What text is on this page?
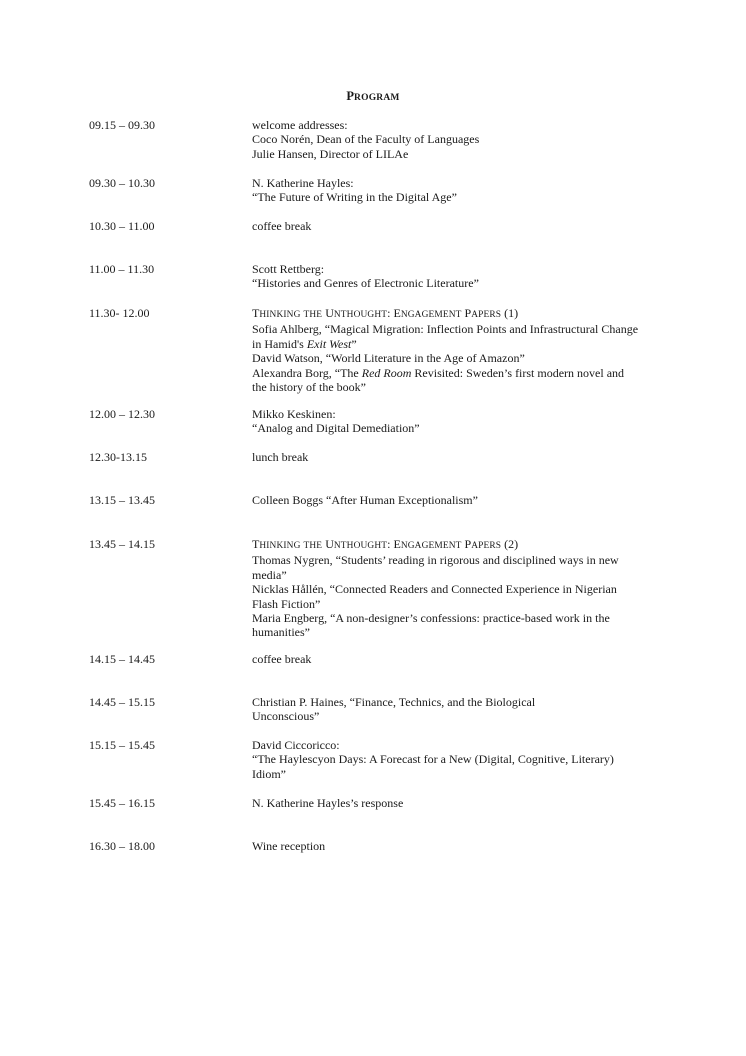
PROGRAM
09.15 – 09.30	welcome addresses:
Coco Norén, Dean of the Faculty of Languages
Julie Hansen, Director of LILAe
09.30 – 10.30	N. Katherine Hayles:
“The Future of Writing in the Digital Age”
10.30 – 11.00	coffee break
11.00 – 11.30	Scott Rettberg:
“Histories and Genres of Electronic Literature”
11.30- 12.00	THINKING THE UNTHOUGHT: ENGAGEMENT PAPERS (1)
Sofia Ahlberg, “Magical Migration: Inflection Points and Infrastructural Change
in Hamid's Exit West”
David Watson, “World Literature in the Age of Amazon”
Alexandra Borg, “The Red Room Revisited: Sweden’s first modern novel and
the history of the book”
12.00 – 12.30	Mikko Keskinen:
“Analog and Digital Demediation”
12.30-13.15	lunch break
13.15 – 13.45	Colleen Boggs “After Human Exceptionalism”
13.45 – 14.15	THINKING THE UNTHOUGHT: ENGAGEMENT PAPERS (2)
Thomas Nygren, “Students’ reading in rigorous and disciplined ways in new
media”
Nicklas Hållén, “Connected Readers and Connected Experience in Nigerian
Flash Fiction”
Maria Engberg, “A non-designer’s confessions: practice-based work in the
humanities”
14.15 – 14.45	coffee break
14.45 – 15.15	Christian P. Haines, “Finance, Technics, and the Biological
Unconscious”
15.15 – 15.45	David Ciccoricco:
“The Haylescyon Days: A Forecast for a New (Digital, Cognitive, Literary)
Idiom”
15.45 – 16.15	N. Katherine Hayles’s response
16.30 – 18.00	Wine reception
